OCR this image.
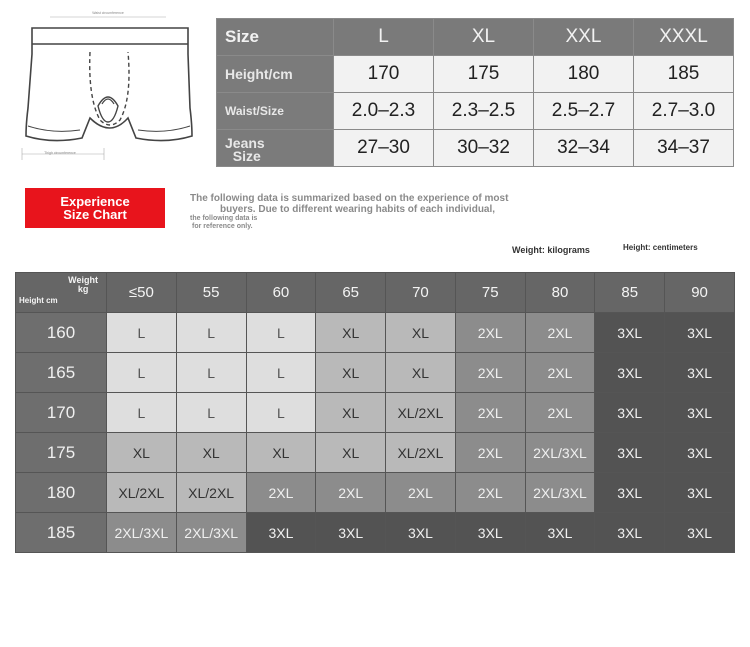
Waist circumference
Thigh circumference
Size	L	XL	XXL	XXXL
Height/cm	170	175	180	185
Waist/Size	2.0–2.3	2.3–2.5	2.5–2.7	2.7–3.0
Jeans
Size	27–30	30–32	32–34	34–37
Experience
Size Chart
The following data is summarized based on the experience of most
buyers. Due to different wearing habits of each individual,
the following data is
for reference only.
Weight: kilograms	Height: centimeters
Weight
kg
Height cm	≤50	55	60	65	70	75	80	85	90
160	L	L	L	XL	XL	2XL	2XL	3XL	3XL
165	L	L	L	XL	XL	2XL	2XL	3XL	3XL
170	L	L	L	XL	XL/2XL	2XL	2XL	3XL	3XL
175	XL	XL	XL	XL	XL/2XL	2XL	2XL/3XL	3XL	3XL
180	XL/2XL	XL/2XL	2XL	2XL	2XL	2XL	2XL/3XL	3XL	3XL
185	2XL/3XL	2XL/3XL	3XL	3XL	3XL	3XL	3XL	3XL	3XL
